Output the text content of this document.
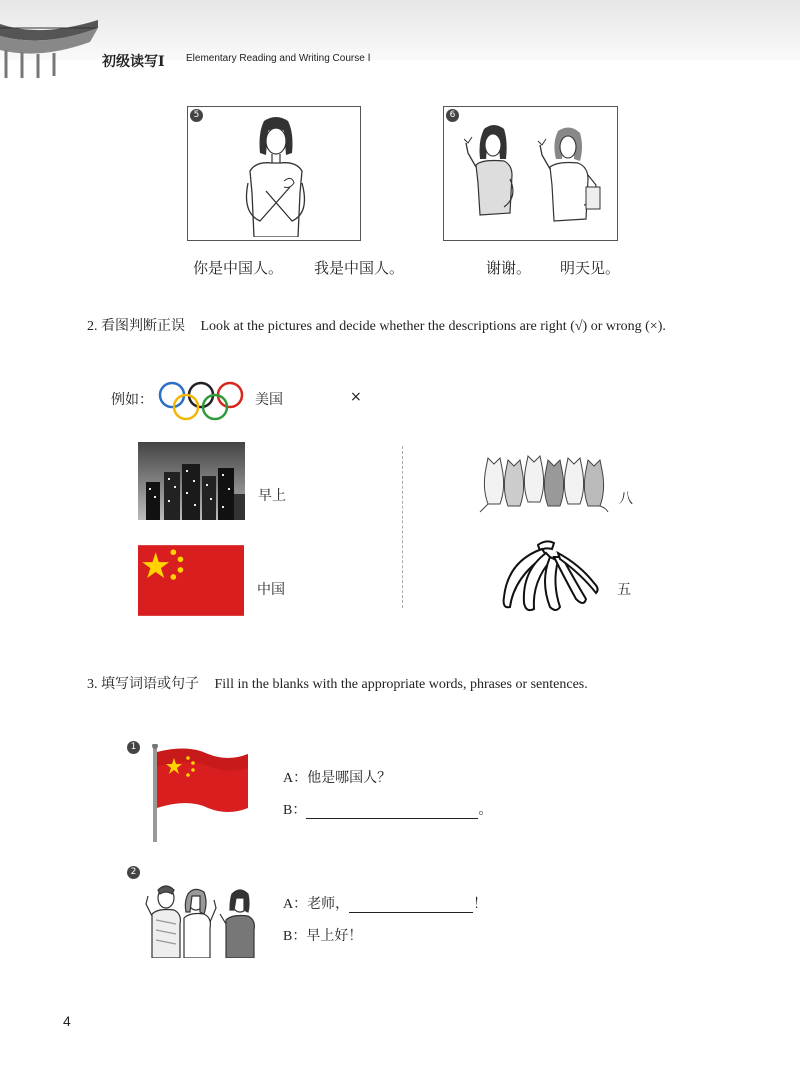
初级读写Ⅰ Elementary Reading and Writing Course Ⅰ
5	6
你是中国人。 我是中国人。	谢谢。 明天见。
2. 看图判断正误 Look at the pictures and decide whether the descriptions are right (√) or wrong (×).
例如：	美国	×
早上
中国
八
五
3. 填写词语或句子 Fill in the blanks with the appropriate words, phrases or sentences.
1
A：他是哪国人？
B：	。
2
A：老师，	！
B：早上好！
4
